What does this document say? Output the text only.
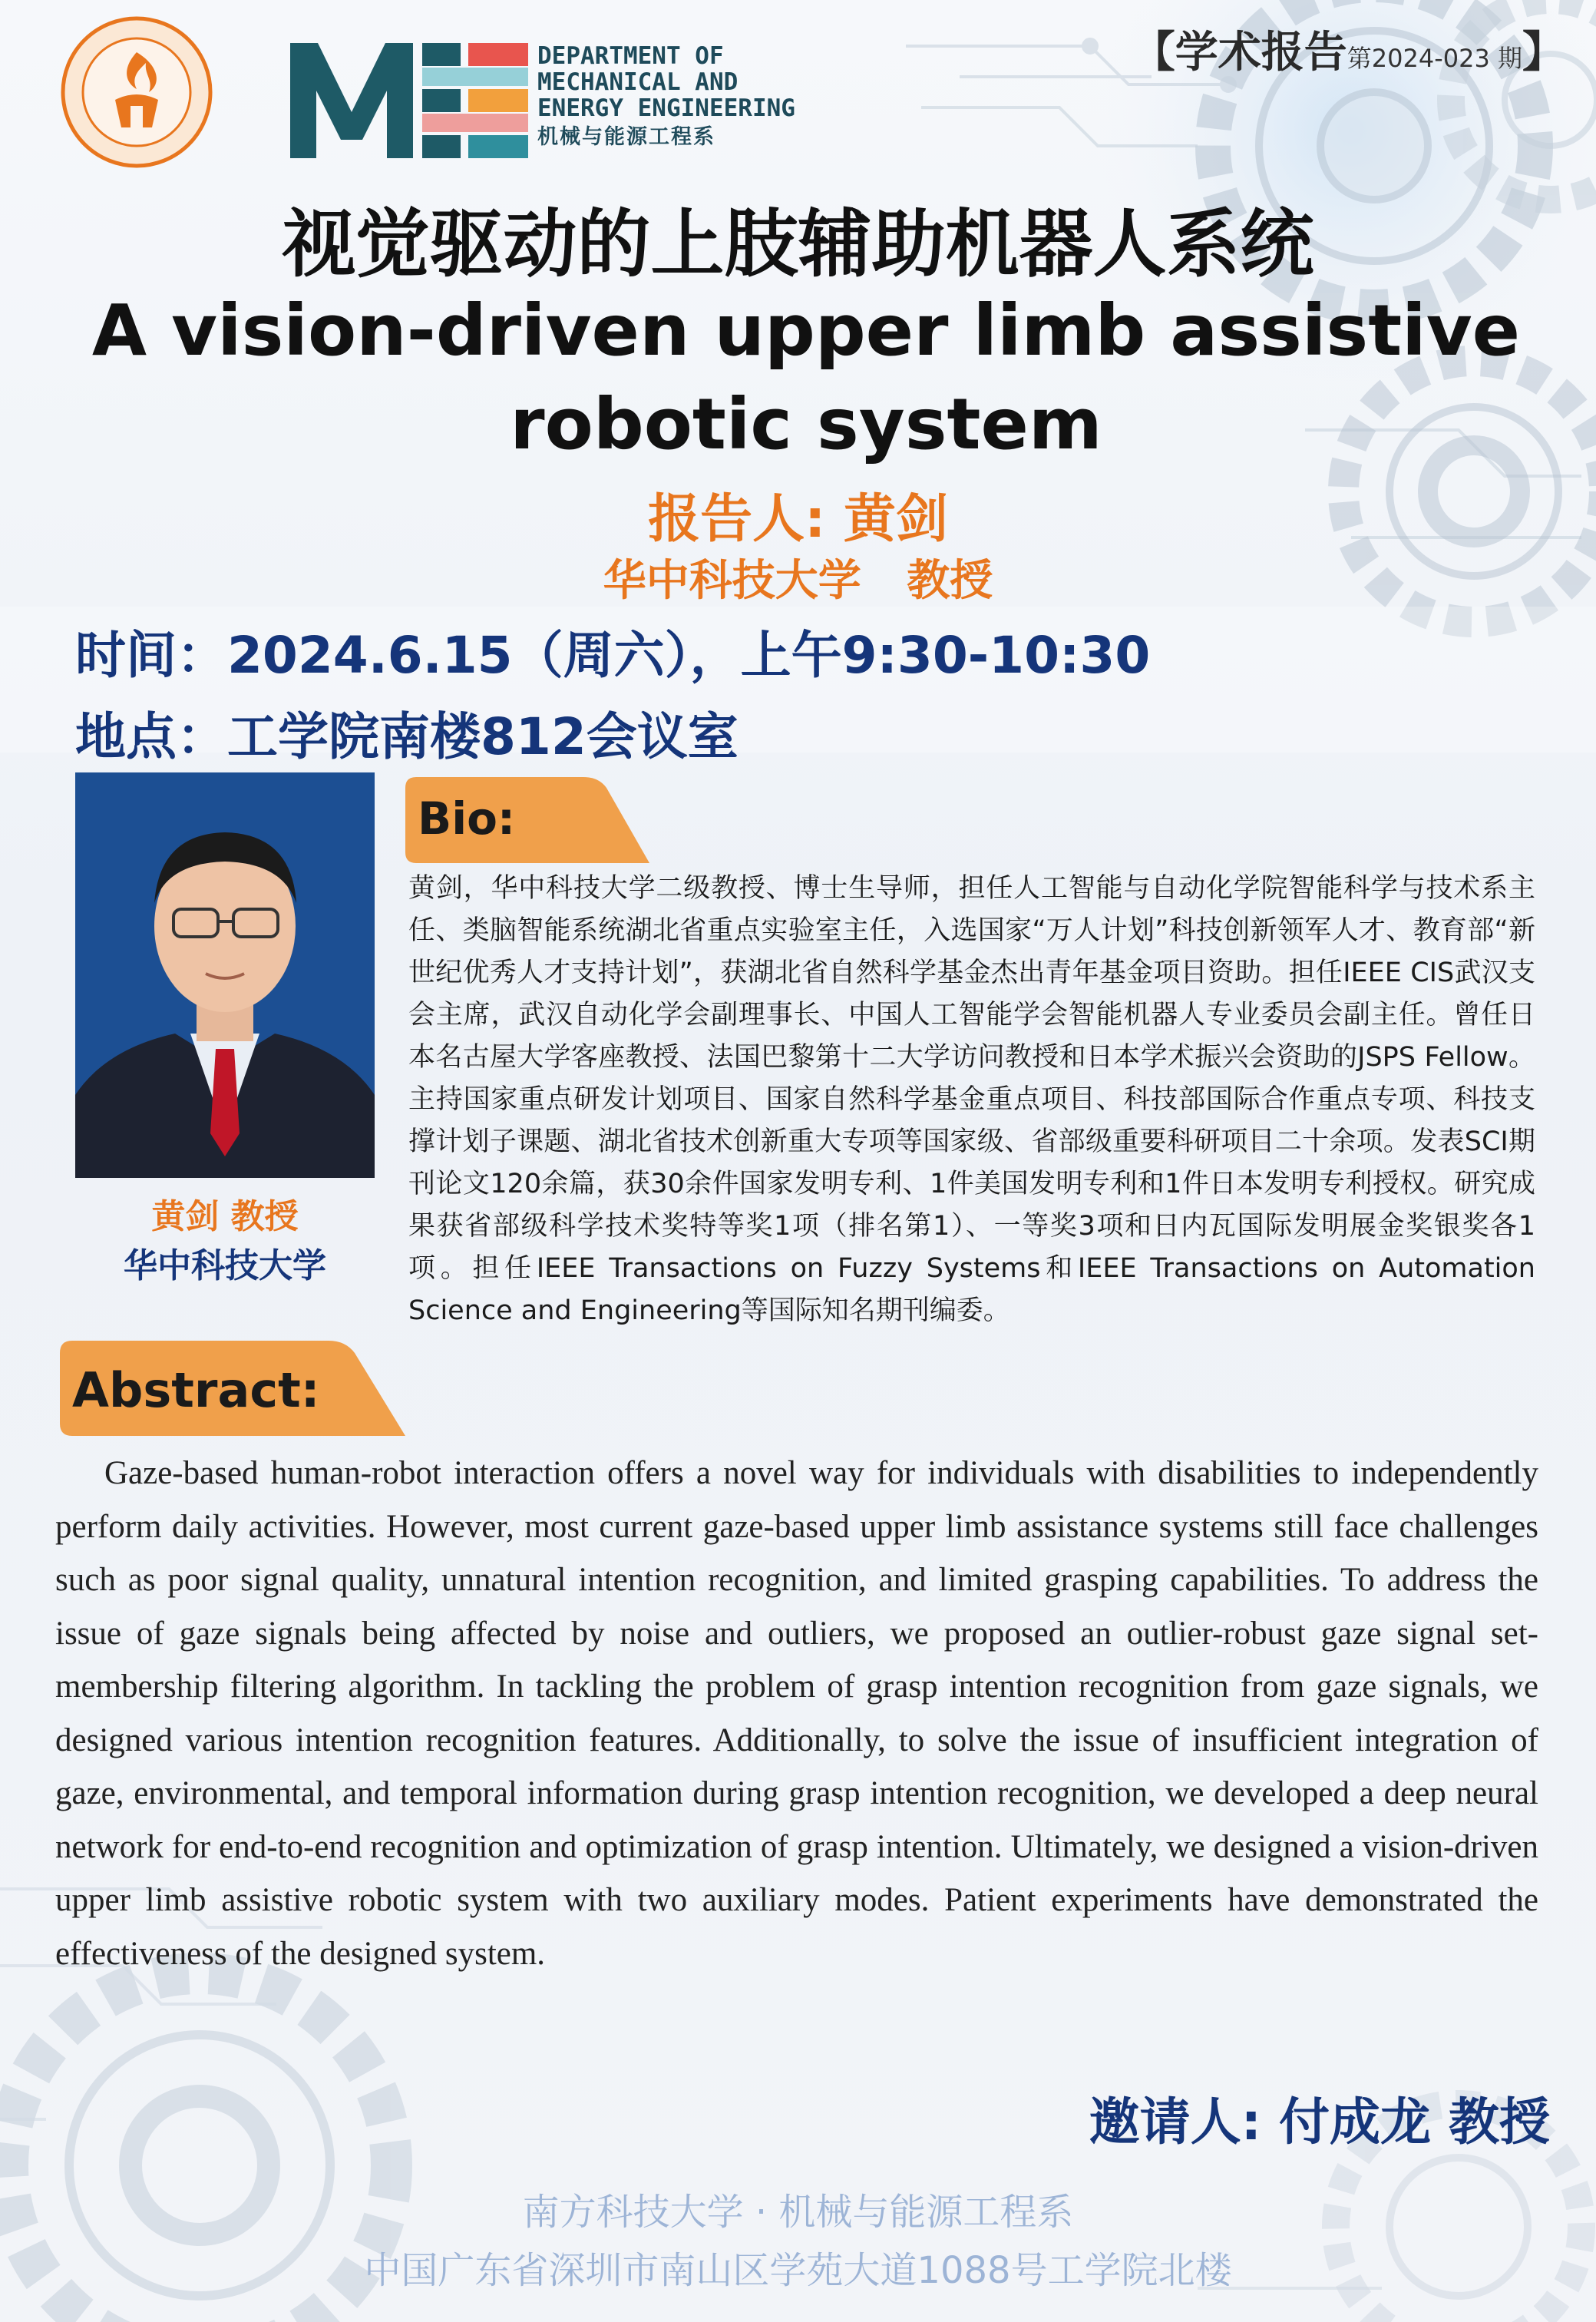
【学术报告第2024-023 期】
DEPARTMENT OF
MECHANICAL AND
ENERGY ENGINEERING
机械与能源工程系
视觉驱动的上肢辅助机器人系统
A vision-driven upper limb assistive robotic system
报告人: 黄剑
华中科技大学 教授
时间：2024.6.15（周六），上午9:30-10:30
地点：工学院南楼812会议室
黄剑 教授
华中科技大学
Bio:
黄剑，华中科技大学二级教授、博士生导师，担任人工智能与自动化学院智能科学与技术系主任、类脑智能系统湖北省重点实验室主任，入选国家“万人计划”科技创新领军人才、教育部“新世纪优秀人才支持计划”，获湖北省自然科学基金杰出青年基金项目资助。担任IEEE CIS武汉支会主席，武汉自动化学会副理事长、中国人工智能学会智能机器人专业委员会副主任。曾任日本名古屋大学客座教授、法国巴黎第十二大学访问教授和日本学术振兴会资助的JSPS Fellow。主持国家重点研发计划项目、国家自然科学基金重点项目、科技部国际合作重点专项、科技支撑计划子课题、湖北省技术创新重大专项等国家级、省部级重要科研项目二十余项。发表SCI期刊论文120余篇，获30余件国家发明专利、1件美国发明专利和1件日本发明专利授权。研究成果获省部级科学技术奖特等奖1项（排名第1）、一等奖3项和日内瓦国际发明展金奖银奖各1项。担任IEEE Transactions on Fuzzy Systems和IEEE Transactions on Automation Science and Engineering等国际知名期刊编委。
Abstract:
Gaze-based human-robot interaction offers a novel way for individuals with disabilities to independently perform daily activities. However, most current gaze-based upper limb assistance systems still face challenges such as poor signal quality, unnatural intention recognition, and limited grasping capabilities. To address the issue of gaze signals being affected by noise and outliers, we proposed an outlier-robust gaze signal set-membership filtering algorithm. In tackling the problem of grasp intention recognition from gaze signals, we designed various intention recognition features. Additionally, to solve the issue of insufficient integration of gaze, environmental, and temporal information during grasp intention recognition, we developed a deep neural network for end-to-end recognition and optimization of grasp intention. Ultimately, we designed a vision-driven upper limb assistive robotic system with two auxiliary modes. Patient experiments have demonstrated the effectiveness of the designed system.
邀请人: 付成龙 教授
南方科技大学 · 机械与能源工程系
中国广东省深圳市南山区学苑大道1088号工学院北楼
